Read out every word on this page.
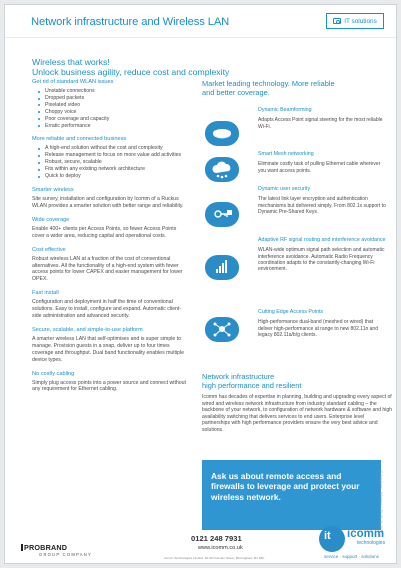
Network infrastructure and Wireless LAN	IT solutions
Wireless that works!
Unlock business agility, reduce cost and complexity
Get rid of standard WLAN issues
Unstable connections
Dropped packets
Pixelated video
Choppy voice
Poor coverage and capacity
Erratic performance
More reliable and connected business
A high-end solution without the cost and complexity
Release management to focus on more value add activities
Robust, secure, scalable
Fits within any existing network architecture
Quick to deploy
Smarter wireless

Site survey, installation and configuration by Icomm of a Ruckus WLAN provides a smarter solution with better range and reliability.

Wide coverage

Enable 400+ clients per Access Points, so fewer Access Points cover a wider area, reducing capital and operational costs.

Cost effective

Robust wireless LAN at a fraction of the cost of conventional alternatives. All the functionality of a high-end system with fewer access points for lower CAPEX and easier management for lower OPEX.

Fast install

Configuration and deployment in half the time of conventional solutions. Easy to install, configure and expand. Automatic client-side administration and advanced security.

Secure, scalable, and simple-to-use platform

A smarter wireless LAN that self-optimises and is super simple to manage. Provision guests in a snap, deliver up to four times coverage and throughput. Dual band functionality enables multiple device types.

No costly cabling

Simply plug access points into a power source and connect without any requirement for Ethernet cabling.

Market leading technology. More reliable
and better coverage.
Dynamic Beamforming

Adapts Access Point signal steering for the most reliable Wi-Fi.

Smart Mesh networking

Eliminate costly task of pulling Ethernet cable wherever you want access points.

Dynamic user security

The latest link layer encryption and authentication mechanisms but delivered simply. From 802.1x support to Dynamic Pre-Shared Keys.

Adaptive RF signal routing and interference avoidance

WLAN-wide optimum signal path selection and automatic interference avoidance. Automatic Radio Frequency coordination adapts to the constantly-changing Wi-Fi environment.

Cutting Edge Access Points

High-performance dual-band (meshed or wired) that deliver high-performance at range to new 802.11n and legacy 802.11a/b/g clients.

Network infrastructure
high performance and resilient

Icomm has decades of expertise in planning, building and upgrading every aspect of wired and wireless network infrastructure from industry standard cabling – the backbone of your network, to configuration of network hardware & software and high availability switching that delivers services to end users. Enterprise level partnerships with high performance providers ensure the very best advice and solutions.

Ask us about remote access and firewalls to leverage and protect your wireless network.	IT Solutions - Wireless LAN 01-11-16 VC1
0121 248 7931
www.icomm.co.uk
Icomm Technologies Limited, 40-96 Dunstan Street, Birmingham, B1 1BF
PROBRAND
GROUP COMPANY
it icomm
technologies
service · support · solutions
